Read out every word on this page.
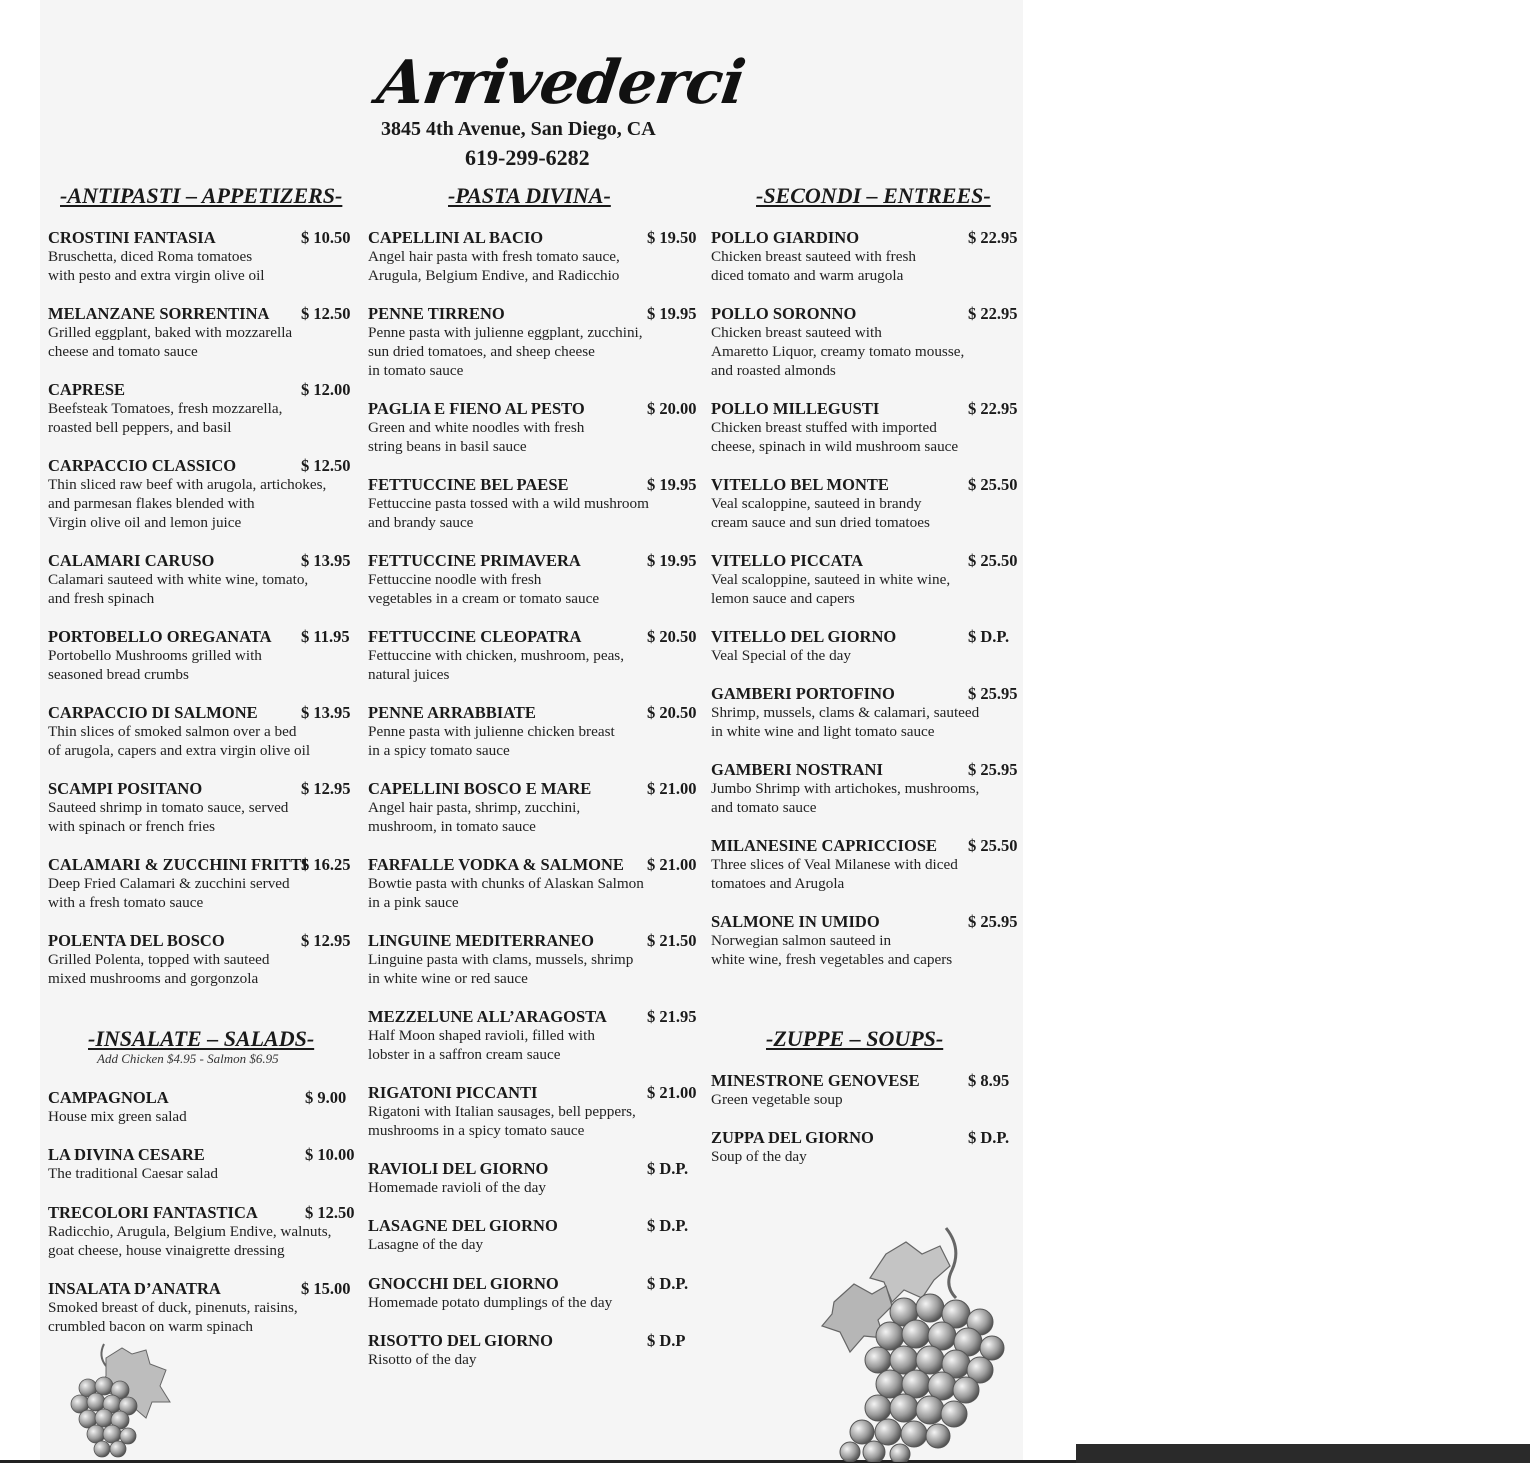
Arrivederci
3845 4th Avenue, San Diego, CA
619-299-6282
-ANTIPASTI – APPETIZERS-	-PASTA DIVINA-	-SECONDI – ENTREES-
-INSALATE – SALADS-
Add Chicken $4.95 - Salmon $6.95
-ZUPPE – SOUPS-
CROSTINI FANTASIA	$ 10.50
Bruschetta, diced Roma tomatoes
with pesto and extra virgin olive oil
MELANZANE SORRENTINA $ 12.50
Grilled eggplant, baked with mozzarella
cheese and tomato sauce
CAPRESE	$ 12.00
Beefsteak Tomatoes, fresh mozzarella,
roasted bell peppers, and basil
CARPACCIO CLASSICO	$ 12.50
Thin sliced raw beef with arugola, artichokes,
and parmesan flakes blended with
Virgin olive oil and lemon juice
CALAMARI CARUSO	$ 13.95
Calamari sauteed with white wine, tomato,
and fresh spinach
PORTOBELLO OREGANATA $ 11.95
Portobello Mushrooms grilled with
seasoned bread crumbs
CARPACCIO DI SALMONE	$ 13.95
Thin slices of smoked salmon over a bed
of arugola, capers and extra virgin olive oil
SCAMPI POSITANO	$ 12.95
Sauteed shrimp in tomato sauce, served
with spinach or french fries
CALAMARI & ZUCCHINI FRITTI
$ 16.25
Deep Fried Calamari & zucchini served
with a fresh tomato sauce
POLENTA DEL BOSCO	$ 12.95
Grilled Polenta, topped with sauteed
mixed mushrooms and gorgonzola
CAMPAGNOLA	$ 9.00
House mix green salad
LA DIVINA CESARE	$ 10.00
The traditional Caesar salad
TRECOLORI FANTASTICA	$ 12.50
Radicchio, Arugula, Belgium Endive, walnuts,
goat cheese, house vinaigrette dressing
INSALATA D’ANATRA	$ 15.00
Smoked breast of duck, pinenuts, raisins,
crumbled bacon on warm spinach
CAPELLINI AL BACIO	$ 19.50
Angel hair pasta with fresh tomato sauce,
Arugula, Belgium Endive, and Radicchio
PENNE TIRRENO	$ 19.95
Penne pasta with julienne eggplant, zucchini,
sun dried tomatoes, and sheep cheese
in tomato sauce
PAGLIA E FIENO AL PESTO	$ 20.00
Green and white noodles with fresh
string beans in basil sauce
FETTUCCINE BEL PAESE	$ 19.95
Fettuccine pasta tossed with a wild mushroom
and brandy sauce
FETTUCCINE PRIMAVERA	$ 19.95
Fettuccine noodle with fresh
vegetables in a cream or tomato sauce
FETTUCCINE CLEOPATRA	$ 20.50
Fettuccine with chicken, mushroom, peas,
natural juices
PENNE ARRABBIATE	$ 20.50
Penne pasta with julienne chicken breast
in a spicy tomato sauce
CAPELLINI BOSCO E MARE	$ 21.00
Angel hair pasta, shrimp, zucchini,
mushroom, in tomato sauce
FARFALLE VODKA & SALMONE $ 21.00
Bowtie pasta with chunks of Alaskan Salmon
in a pink sauce
LINGUINE MEDITERRANEO	$ 21.50
Linguine pasta with clams, mussels, shrimp
in white wine or red sauce
MEZZELUNE ALL’ARAGOSTA $ 21.95
Half Moon shaped ravioli, filled with
lobster in a saffron cream sauce
RIGATONI PICCANTI	$ 21.00
Rigatoni with Italian sausages, bell peppers,
mushrooms in a spicy tomato sauce
RAVIOLI DEL GIORNO	$ D.P.
Homemade ravioli of the day
LASAGNE DEL GIORNO	$ D.P.
Lasagne of the day
GNOCCHI DEL GIORNO	$ D.P.
Homemade potato dumplings of the day
RISOTTO DEL GIORNO	$ D.P
Risotto of the day
POLLO GIARDINO	$ 22.95
Chicken breast sauteed with fresh
diced tomato and warm arugola
POLLO SORONNO	$ 22.95
Chicken breast sauteed with
Amaretto Liquor, creamy tomato mousse,
and roasted almonds
POLLO MILLEGUSTI	$ 22.95
Chicken breast stuffed with imported
cheese, spinach in wild mushroom sauce
VITELLO BEL MONTE	$ 25.50
Veal scaloppine, sauteed in brandy
cream sauce and sun dried tomatoes
VITELLO PICCATA	$ 25.50
Veal scaloppine, sauteed in white wine,
lemon sauce and capers
VITELLO DEL GIORNO	$ D.P.
Veal Special of the day
GAMBERI PORTOFINO	$ 25.95
Shrimp, mussels, clams & calamari, sauteed
in white wine and light tomato sauce
GAMBERI NOSTRANI	$ 25.95
Jumbo Shrimp with artichokes, mushrooms,
and tomato sauce
MILANESINE CAPRICCIOSE $ 25.50
Three slices of Veal Milanese with diced
tomatoes and Arugola
SALMONE IN UMIDO	$ 25.95
Norwegian salmon sauteed in
white wine, fresh vegetables and capers
MINESTRONE GENOVESE	$ 8.95
Green vegetable soup
ZUPPA DEL GIORNO	$ D.P.
Soup of the day
